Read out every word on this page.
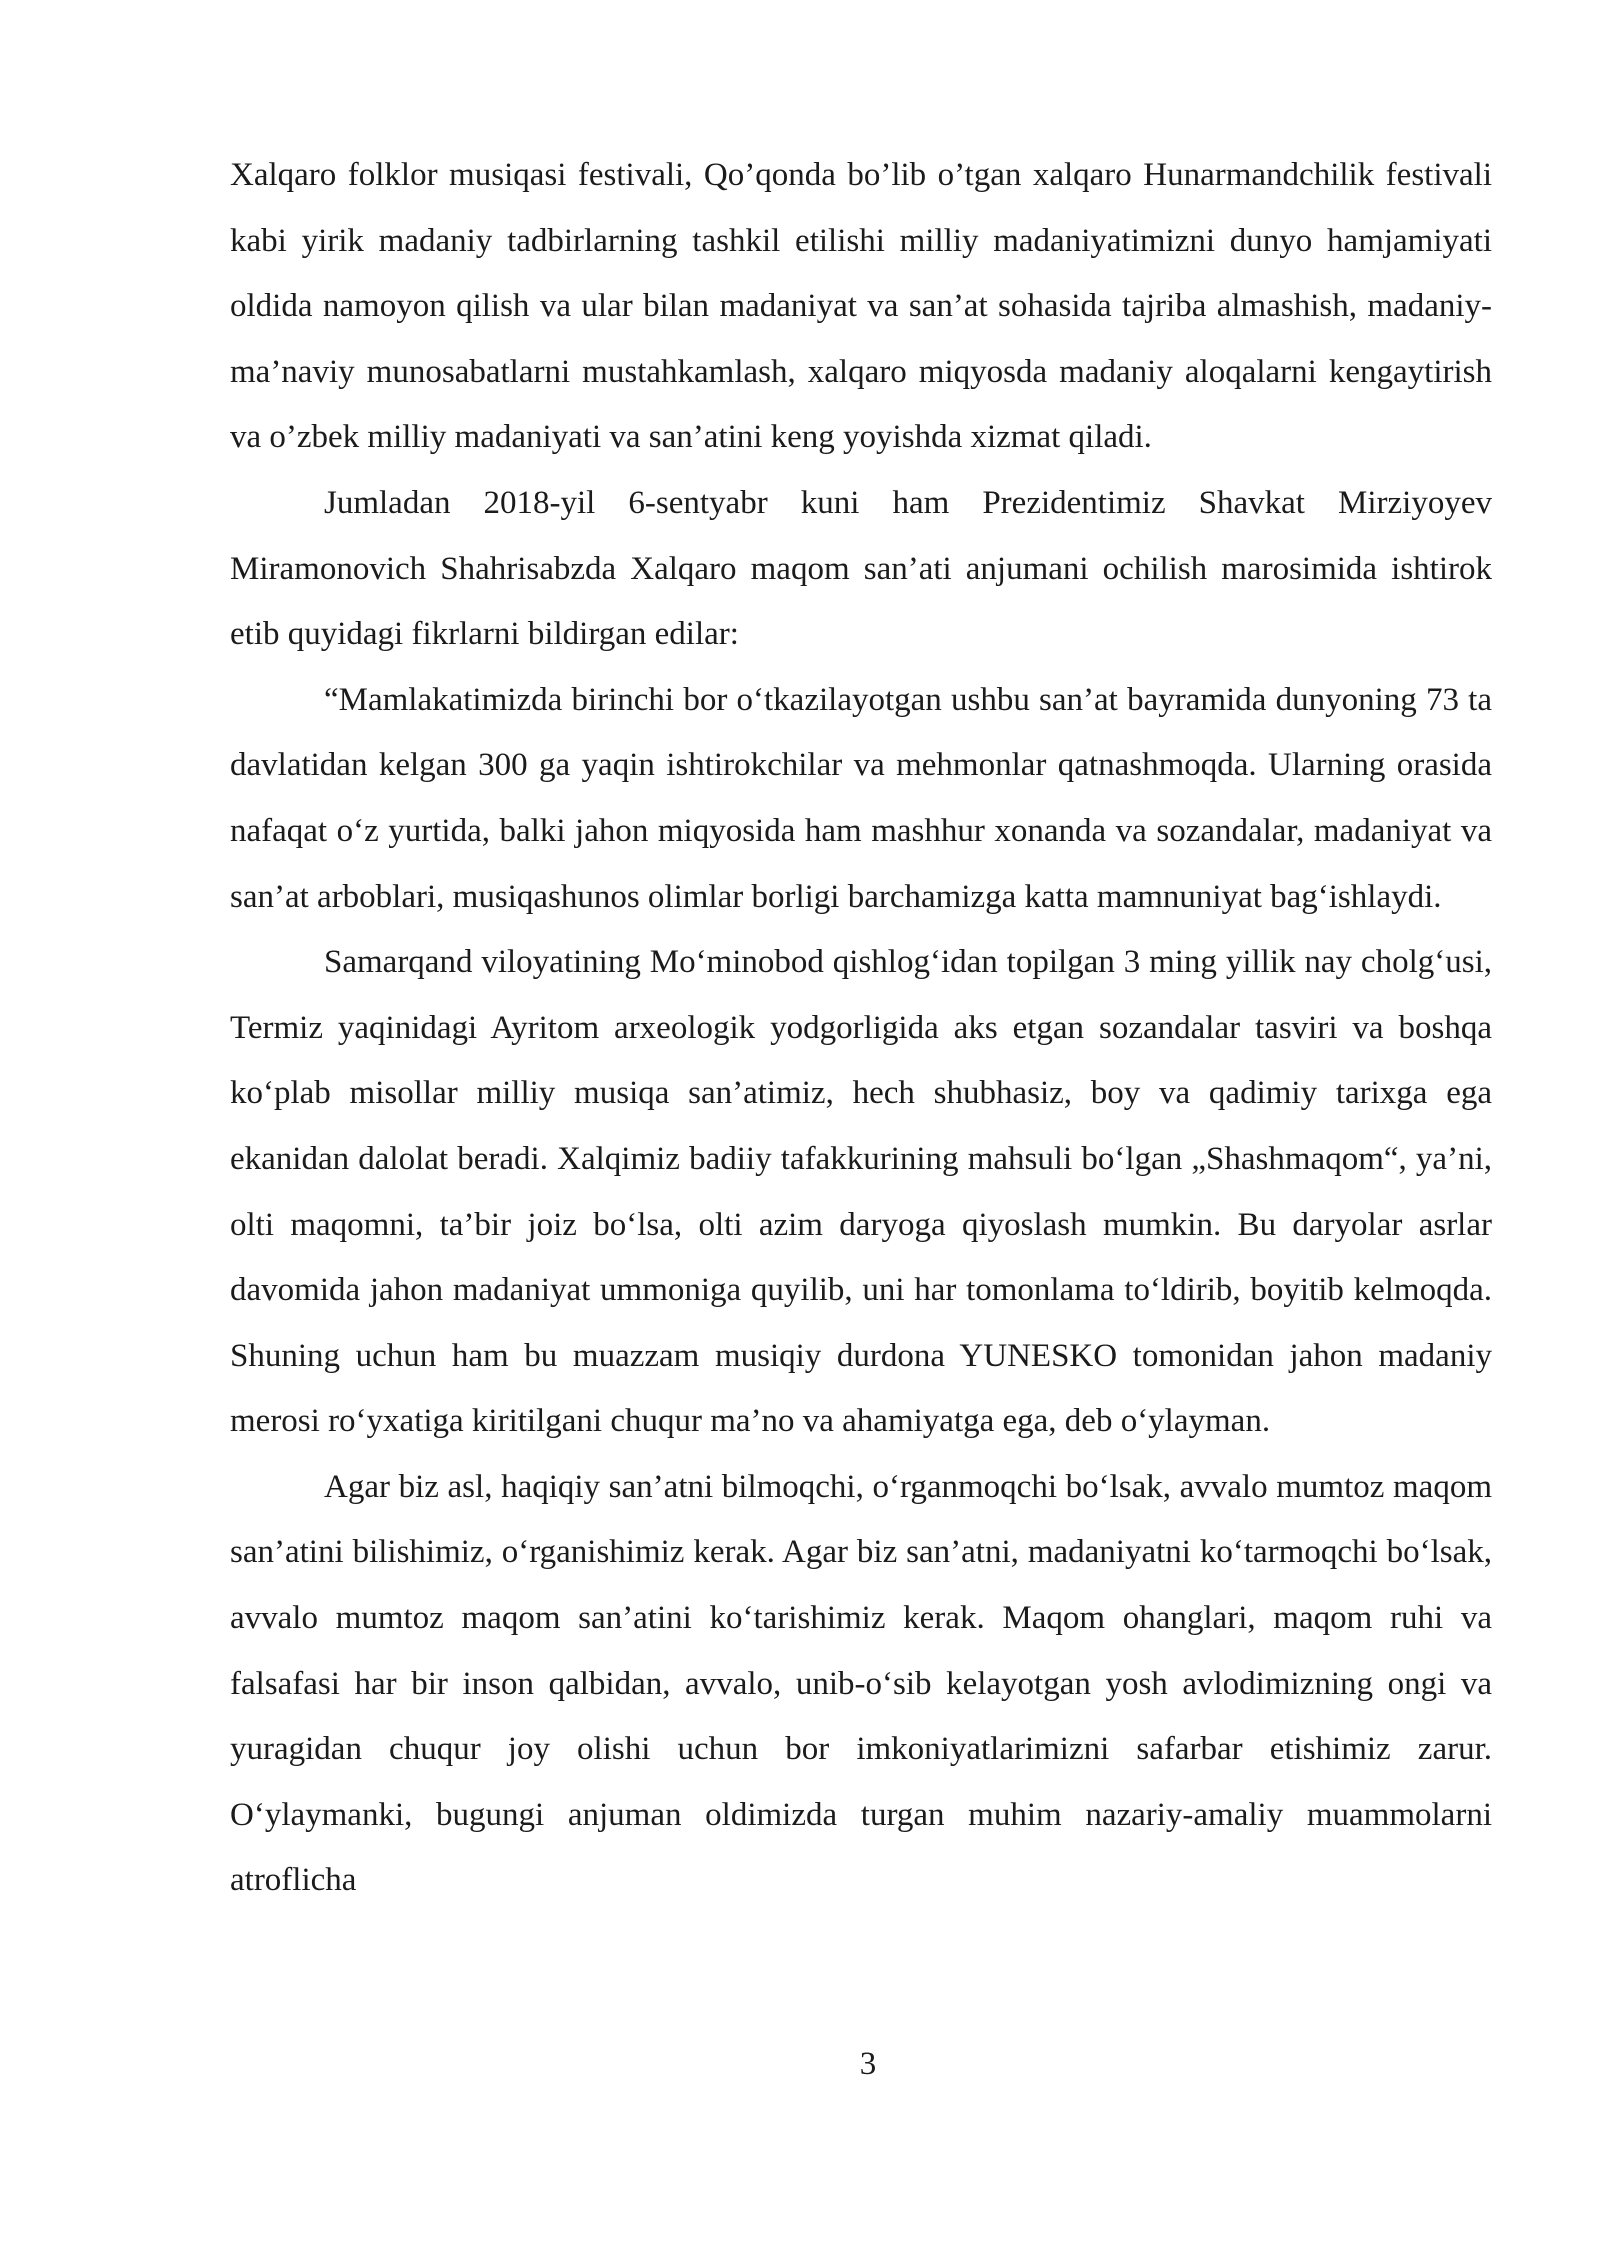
Xalqaro folklor musiqasi festivali, Qo’qonda bo’lib o’tgan xalqaro Hunarmandchilik festivali kabi yirik madaniy tadbirlarning tashkil etilishi milliy madaniyatimizni dunyo hamjamiyati oldida namoyon qilish va ular bilan madaniyat va san’at sohasida tajriba almashish, madaniy- ma’naviy munosabatlarni mustahkamlash, xalqaro miqyosda madaniy aloqalarni kengaytirish va o’zbek milliy madaniyati va san’atini keng yoyishda xizmat qiladi.

Jumladan 2018-yil 6-sentyabr kuni ham Prezidentimiz Shavkat Mirziyoyev Miramonovich Shahrisabzda Xalqaro maqom san’ati anjumani ochilish marosimida ishtirok etib quyidagi fikrlarni bildirgan edilar:

“Mamlakatimizda birinchi bor o‘tkazilayotgan ushbu san’at bayramida dunyoning 73 ta davlatidan kelgan 300 ga yaqin ishtirokchilar va mehmonlar qatnashmoqda. Ularning orasida nafaqat o‘z yurtida, balki jahon miqyosida ham mashhur xonanda va sozandalar, madaniyat va san’at arboblari, musiqashunos olimlar borligi barchamizga katta mamnuniyat bag‘ishlaydi.

Samarqand viloyatining Mo‘minobod qishlog‘idan topilgan 3 ming yillik nay cholg‘usi, Termiz yaqinidagi Ayritom arxeologik yodgorligida aks etgan sozandalar tasviri va boshqa ko‘plab misollar milliy musiqa san’atimiz, hech shubhasiz, boy va qadimiy tarixga ega ekanidan dalolat beradi. Xalqimiz badiiy tafakkurining mahsuli bo‘lgan „Shashmaqom“, ya’ni, olti maqomni, ta’bir joiz bo‘lsa, olti azim daryoga qiyoslash mumkin. Bu daryolar asrlar davomida jahon madaniyat ummoniga quyilib, uni har tomonlama to‘ldirib, boyitib kelmoqda. Shuning uchun ham bu muazzam musiqiy durdona YUNESKO tomonidan jahon madaniy merosi ro‘yxatiga kiritilgani chuqur ma’no va ahamiyatga ega, deb o‘ylayman.

Agar biz asl, haqiqiy san’atni bilmoqchi, o‘rganmoqchi bo‘lsak, avvalo mumtoz maqom san’atini bilishimiz, o‘rganishimiz kerak. Agar biz san’atni, madaniyatni ko‘tarmoqchi bo‘lsak, avvalo mumtoz maqom san’atini ko‘tarishimiz kerak. Maqom ohanglari, maqom ruhi va falsafasi har bir inson qalbidan, avvalo, unib-o‘sib kelayotgan yosh avlodimizning ongi va yuragidan chuqur joy olishi uchun bor imkoniyatlarimizni safarbar etishimiz zarur. O‘ylaymanki, bugungi anjuman oldimizda turgan muhim nazariy-amaliy muammolarni atroflicha

3
